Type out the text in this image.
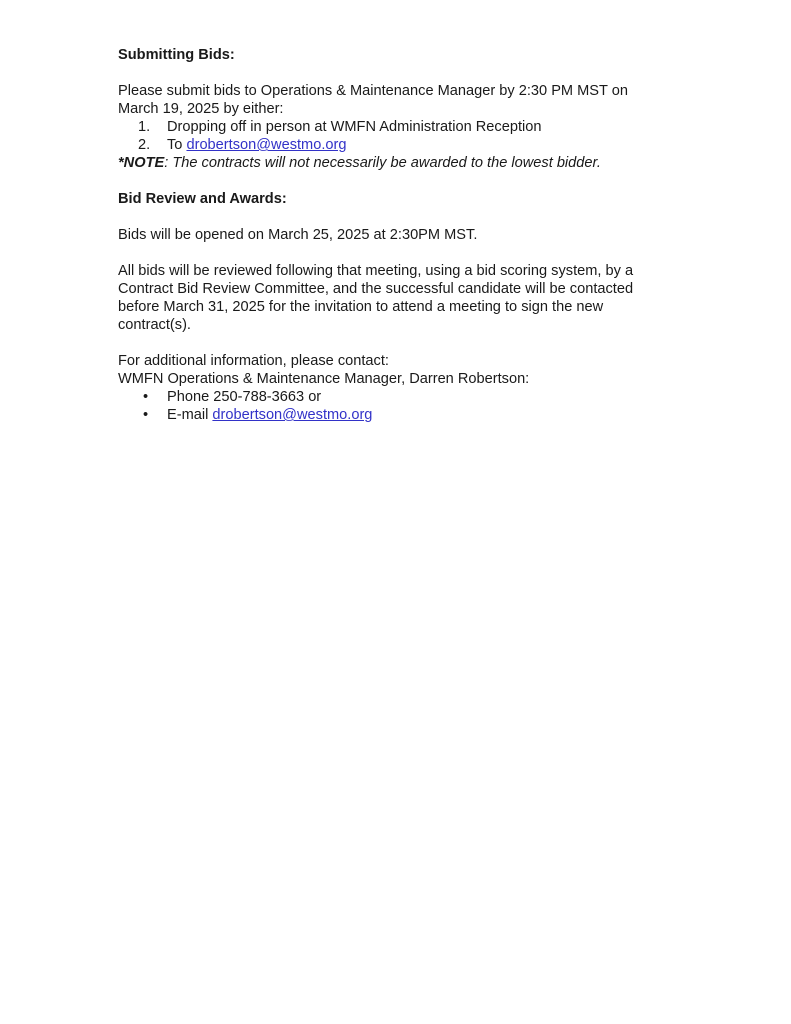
Submitting Bids:

Please submit bids to Operations & Maintenance Manager by 2:30 PM MST on March 19, 2025 by either:

1. Dropping off in person at WMFN Administration Reception
2. To drobertson@westmo.org

*NOTE: The contracts will not necessarily be awarded to the lowest bidder.

Bid Review and Awards:

Bids will be opened on March 25, 2025 at 2:30PM MST.

All bids will be reviewed following that meeting, using a bid scoring system, by a Contract Bid Review Committee, and the successful candidate will be contacted before March 31, 2025 for the invitation to attend a meeting to sign the new contract(s).

For additional information, please contact:

WMFN Operations & Maintenance Manager, Darren Robertson:

• Phone 250-788-3663 or
• E-mail drobertson@westmo.org
